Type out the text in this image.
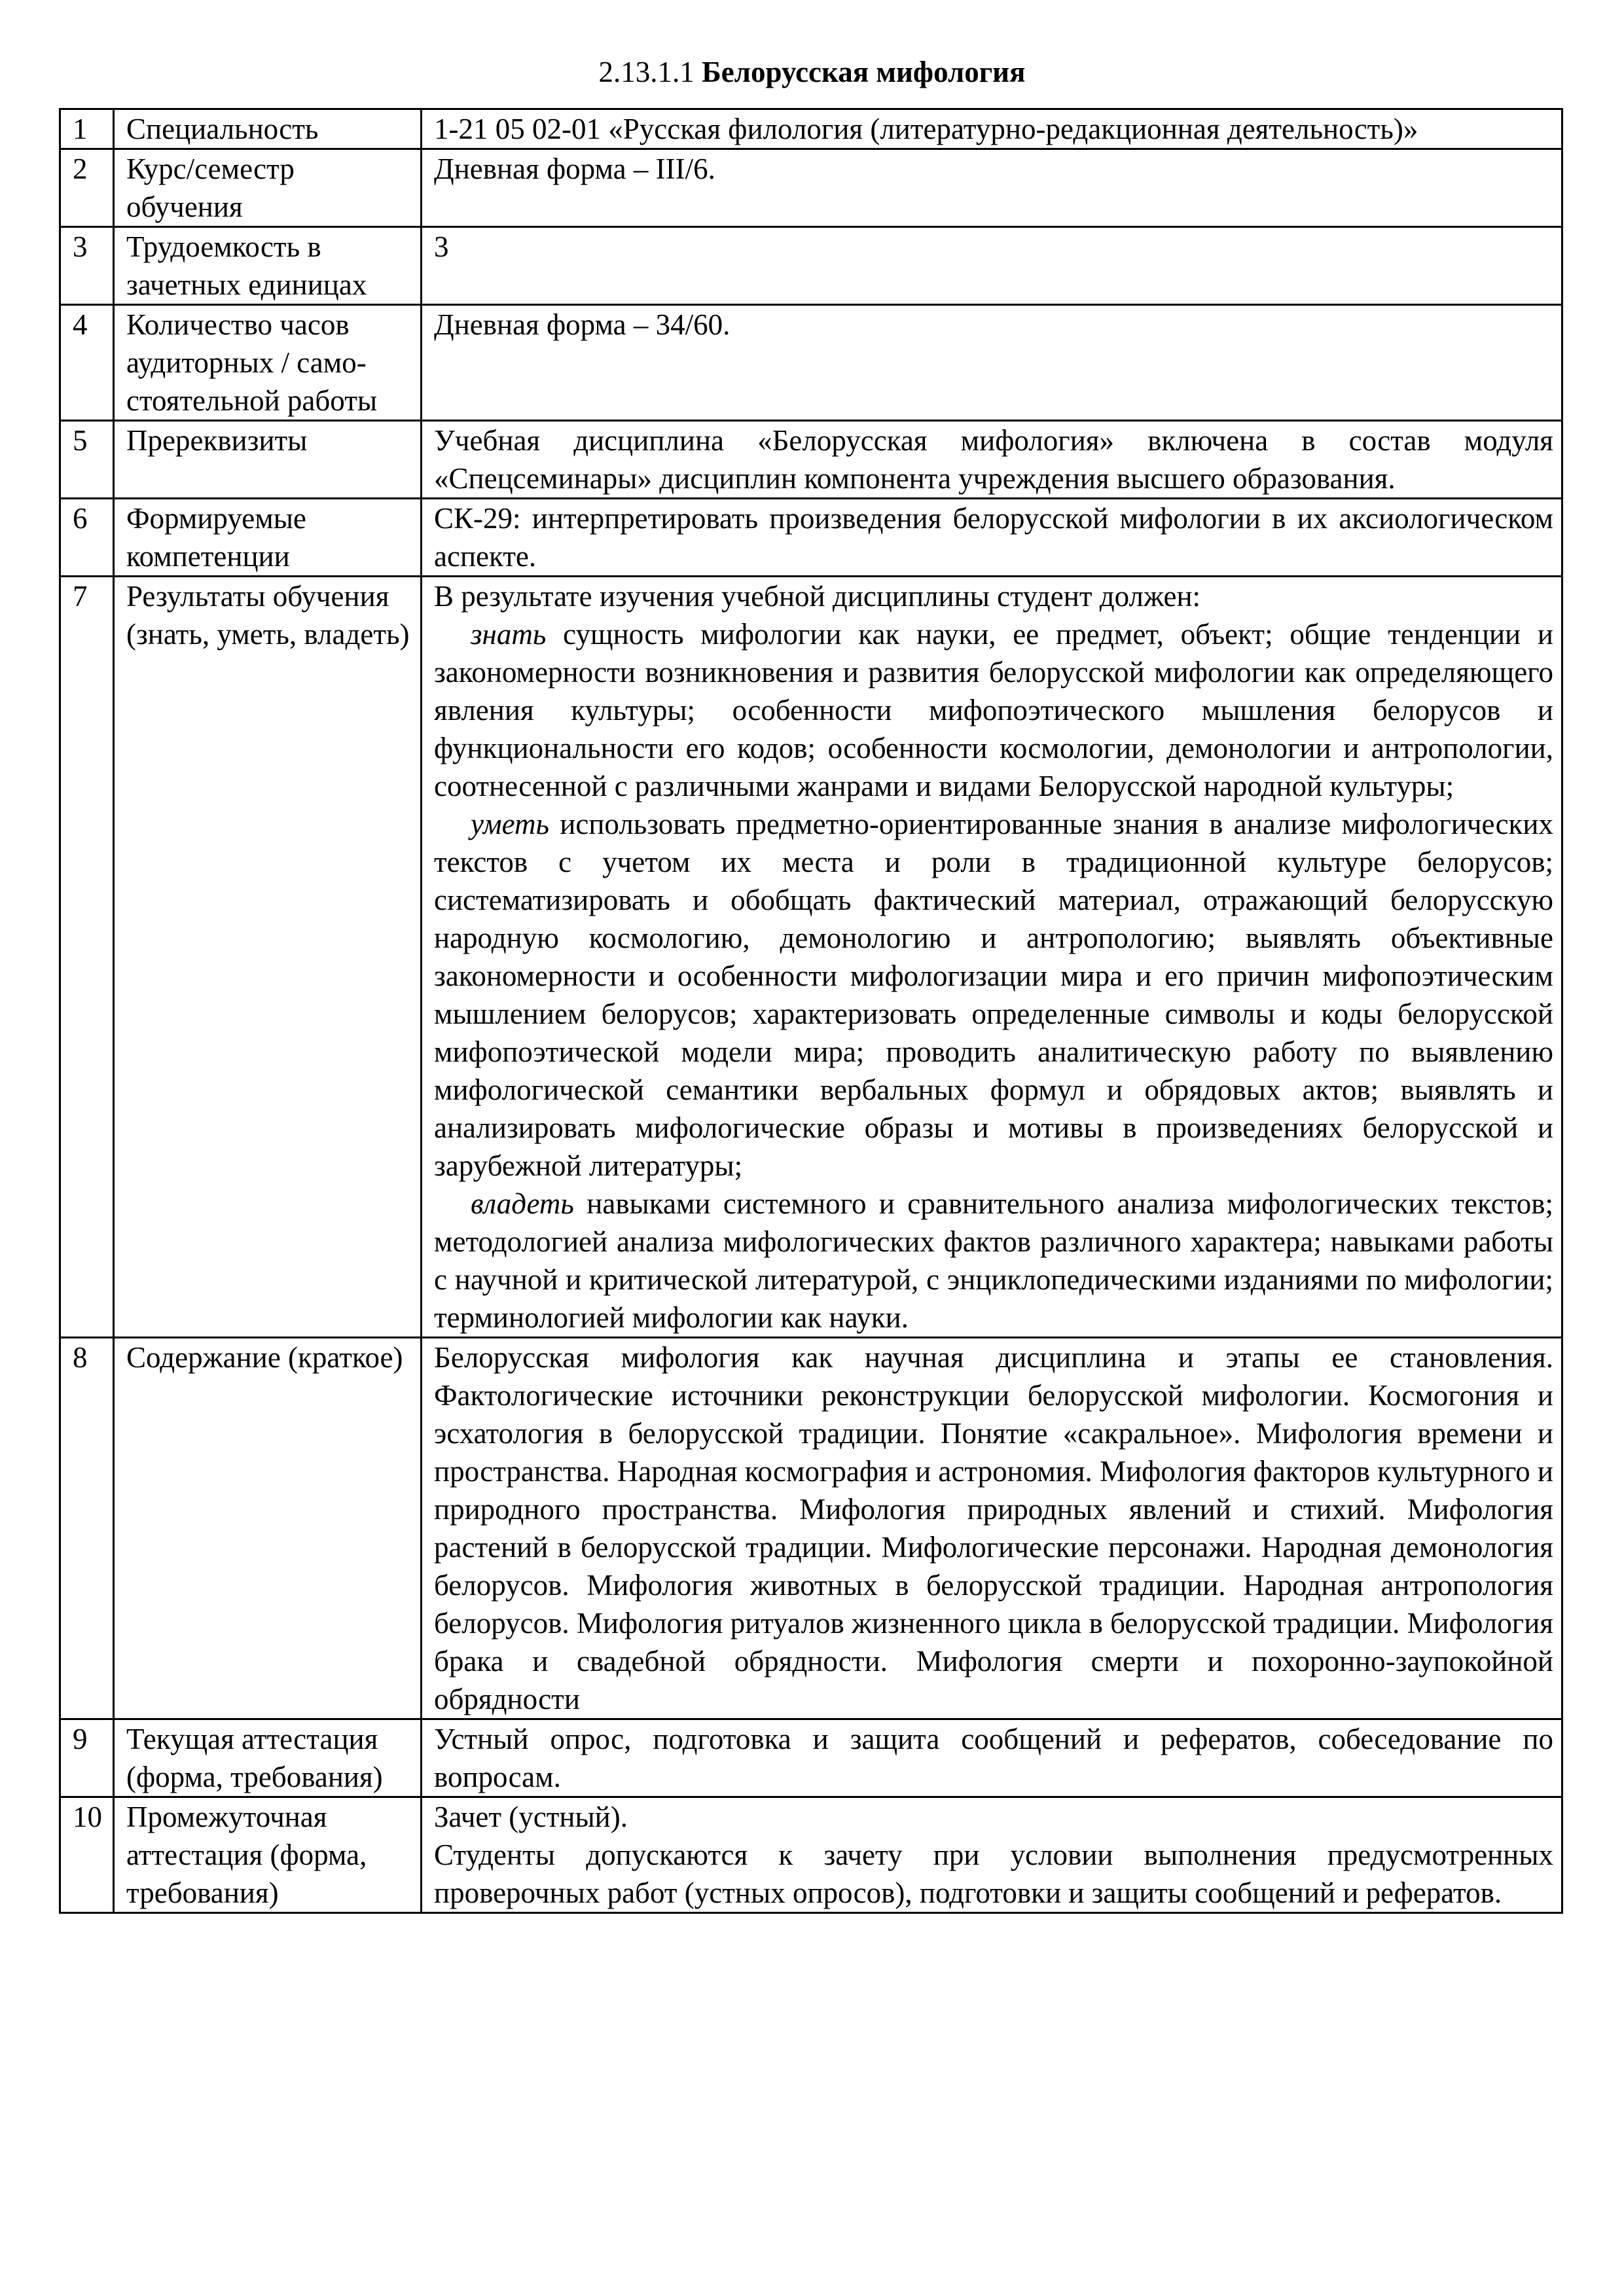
2.13.1.1 Белорусская мифология
1	Специальность	1-21 05 02-01 «Русская филология (литературно-редакционная деятельность)»

2	Курс/семестр обучения	Дневная форма – III/6.

3	Трудоемкость в зачетных единицах	3

4	Количество часов аудиторных / само-стоятельной работы	Дневная форма – 34/60.

5	Пререквизиты	Учебная дисциплина «Белорусская мифология» включена в состав модуля «Спецсеминары» дисциплин компонента учреждения высшего образования.

6	Формируемые компетенции	СК-29: интерпретировать произведения белорусской мифологии в их аксиологическом аспекте.

7	Результаты обучения (знать, уметь, владеть)	В результате изучения учебной дисциплины студент должен:
знать сущность мифологии как науки, ее предмет, объект; общие тенденции и закономерности возникновения и развития белорусской мифологии как определяющего явления культуры; особенности мифопоэтического мышления белорусов и функциональности его кодов; особенности космологии, демонологии и антропологии, соотнесенной с различными жанрами и видами Белорусской народной культуры;
уметь использовать предметно-ориентированные знания в анализе мифологических текстов с учетом их места и роли в традиционной культуре белорусов; систематизировать и обобщать фактический материал, отражающий белорусскую народную космологию, демонологию и антропологию; выявлять объективные закономерности и особенности мифологизации мира и его причин мифопоэтическим мышлением белорусов; характеризовать определенные символы и коды белорусской мифопоэтической модели мира; проводить аналитическую работу по выявлению мифологической семантики вербальных формул и обрядовых актов; выявлять и анализировать мифологические образы и мотивы в произведениях белорусской и зарубежной литературы;
владеть навыками системного и сравнительного анализа мифологических текстов; методологией анализа мифологических фактов различного характера; навыками работы с научной и критической литературой, с энциклопедическими изданиями по мифологии; терминологией мифологии как науки.

8	Содержание (краткое)	Белорусская мифология как научная дисциплина и этапы ее становления. Фактологические источники реконструкции белорусской мифологии. Космогония и эсхатология в белорусской традиции. Понятие «сакральное». Мифология времени и пространства. Народная космография и астрономия. Мифология факторов культурного и природного пространства. Мифология природных явлений и стихий. Мифология растений в белорусской традиции. Мифологические персонажи. Народная демонология белорусов. Мифология животных в белорусской традиции. Народная антропология белорусов. Мифология ритуалов жизненного цикла в белорусской традиции. Мифология брака и свадебной обрядности. Мифология смерти и похоронно-заупокойной обрядности

9	Текущая аттестация (форма, требования)	Устный опрос, подготовка и защита сообщений и рефератов, собеседование по вопросам.

10	Промежуточная аттестация (форма, требования)	Зачет (устный).
Студенты допускаются к зачету при условии выполнения предусмотренных проверочных работ (устных опросов), подготовки и защиты сообщений и рефератов.
